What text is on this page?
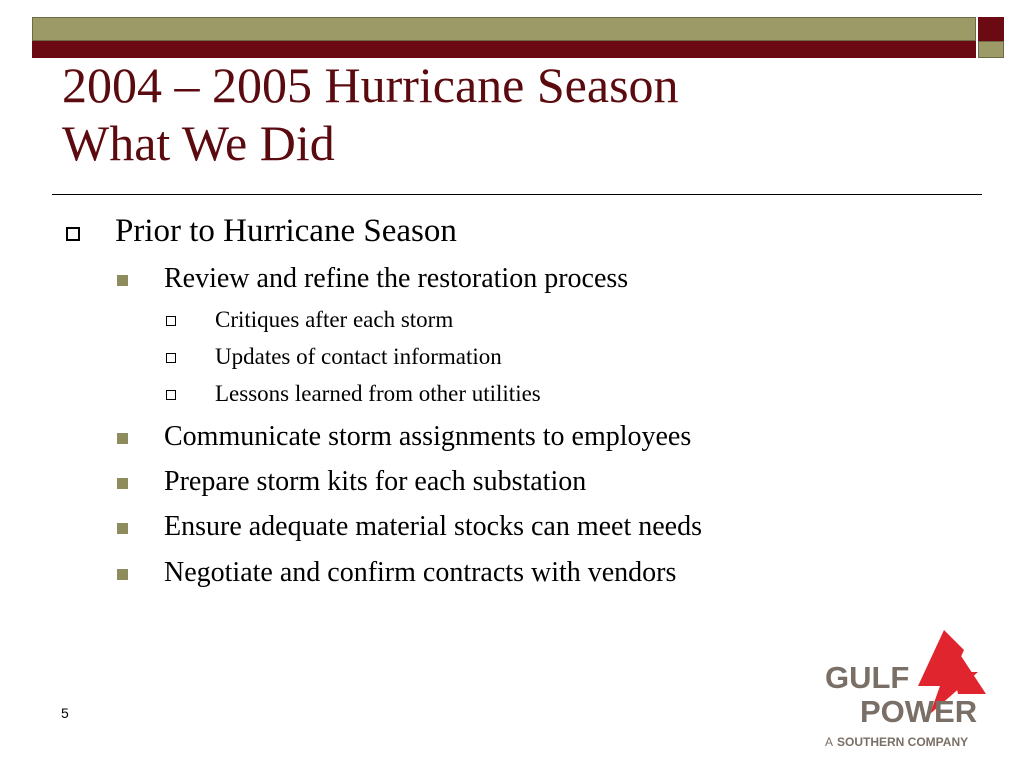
2004 – 2005 Hurricane Season
What We Did
Prior to Hurricane Season
Review and refine the restoration process
Critiques after each storm
Updates of contact information
Lessons learned from other utilities
Communicate storm assignments to employees
Prepare storm kits for each substation
Ensure adequate material stocks can meet needs
Negotiate and confirm contracts with vendors
5
GULF
POWER
A SOUTHERN COMPANY
